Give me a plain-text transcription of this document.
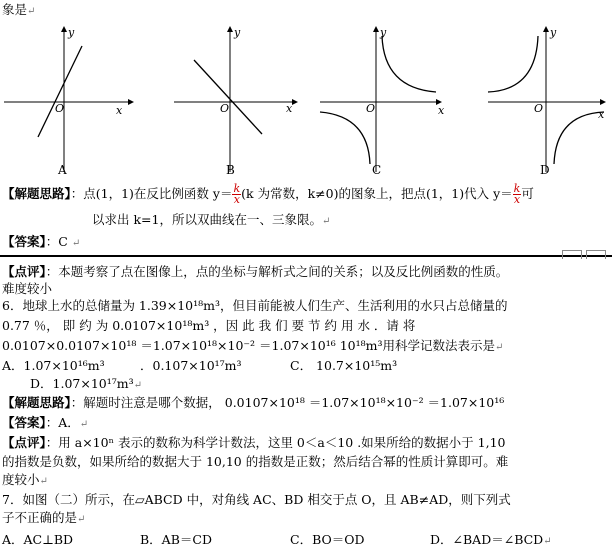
象是↵
y
x
O
A
y
x
O
B
y
x
O
C
y
x
O
D
【解题思路】：点(1，1)在反比例函数 $y= \frac{k}{x} (k$ 为常数，k≠0)的图象上，把点(1，1)代入 $y= \frac{k}{x}$ 可
以求出 k=1，所以双曲线在一、三象限。↵
【答案】：C ↵
【点评】：本题考察了点在图像上，点的坐标与解析式之间的关系；以及反比例函数的性质。
难度较小
6．地球上水的总储量为 1.39×10¹⁸m³，但目前能被人们生产、生活利用的水只占总储量的
0.77 ％， 即 约 为 0.0107×10¹⁸m³ ，因 此 我 们 要 节 约 用 水 ．请 将
0.0107×0.0107×10¹⁸ ＝1.07×10¹⁸×10⁻² ＝1.07×10¹⁶ 10¹⁸m³用科学记数法表示是↵
A．1.07×10¹⁶m³	．0.107×10¹⁷m³	C． 10.7×10¹⁵m³
D．1.07×10¹⁷m³↵
【解题思路】：解题时注意是哪个数据， 0.0107×10¹⁸ ＝1.07×10¹⁸×10⁻² ＝1.07×10¹⁶
【答案】：A．↵
【点评】：用 a×10ⁿ 表示的数称为科学计数法，这里 0＜a＜10 .如果所给的数据小于 1,10
的指数是负数，如果所给的数据大于 10,10 的指数是正数；然后结合幂的性质计算即可。难
度较小↵
7．如图（二）所示，在▱ABCD 中，对角线 AC、BD 相交于点 O，且 AB≠AD，则下列式
子不正确的是↵
A．AC⊥BD	B．AB＝CD	C．BO＝OD	D．∠BAD＝∠BCD↵
